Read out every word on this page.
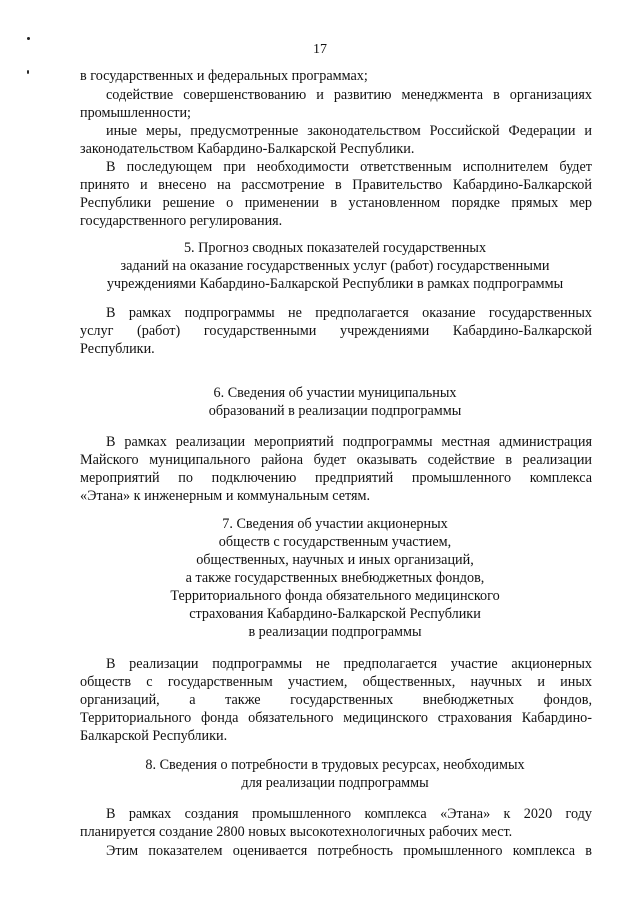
17
в государственных и федеральных программах;
содействие совершенствованию и развитию менеджмента в организациях
промышленности;
иные меры, предусмотренные законодательством Российской Федерации и
законодательством Кабардино-Балкарской Республики.
В последующем при необходимости ответственным исполнителем будет
принято и внесено на рассмотрение в Правительство Кабардино-Балкарской
Республики решение о применении в установленном порядке прямых мер
государственного регулирования.
5. Прогноз сводных показателей государственных
заданий на оказание государственных услуг (работ) государственными
учреждениями Кабардино-Балкарской Республики в рамках подпрограммы
В рамках подпрограммы не предполагается оказание государственных
услуг (работ) государственными учреждениями Кабардино-Балкарской
Республики.
6. Сведения об участии муниципальных
образований в реализации подпрограммы
В рамках реализации мероприятий подпрограммы местная администрация
Майского муниципального района будет оказывать содействие в реализации
мероприятий по подключению предприятий промышленного комплекса
«Этана» к инженерным и коммунальным сетям.
7. Сведения об участии акционерных
обществ с государственным участием,
общественных, научных и иных организаций,
а также государственных внебюджетных фондов,
Территориального фонда обязательного медицинского
страхования Кабардино-Балкарской Республики
в реализации подпрограммы
В реализации подпрограммы не предполагается участие акционерных
обществ с государственным участием, общественных, научных и иных
организаций, а также государственных внебюджетных фондов,
Территориального фонда обязательного медицинского страхования Кабардино-
Балкарской Республики.
8. Сведения о потребности в трудовых ресурсах, необходимых
для реализации подпрограммы
В рамках создания промышленного комплекса «Этана» к 2020 году
планируется создание 2800 новых высокотехнологичных рабочих мест.
Этим показателем оценивается потребность промышленного комплекса в
